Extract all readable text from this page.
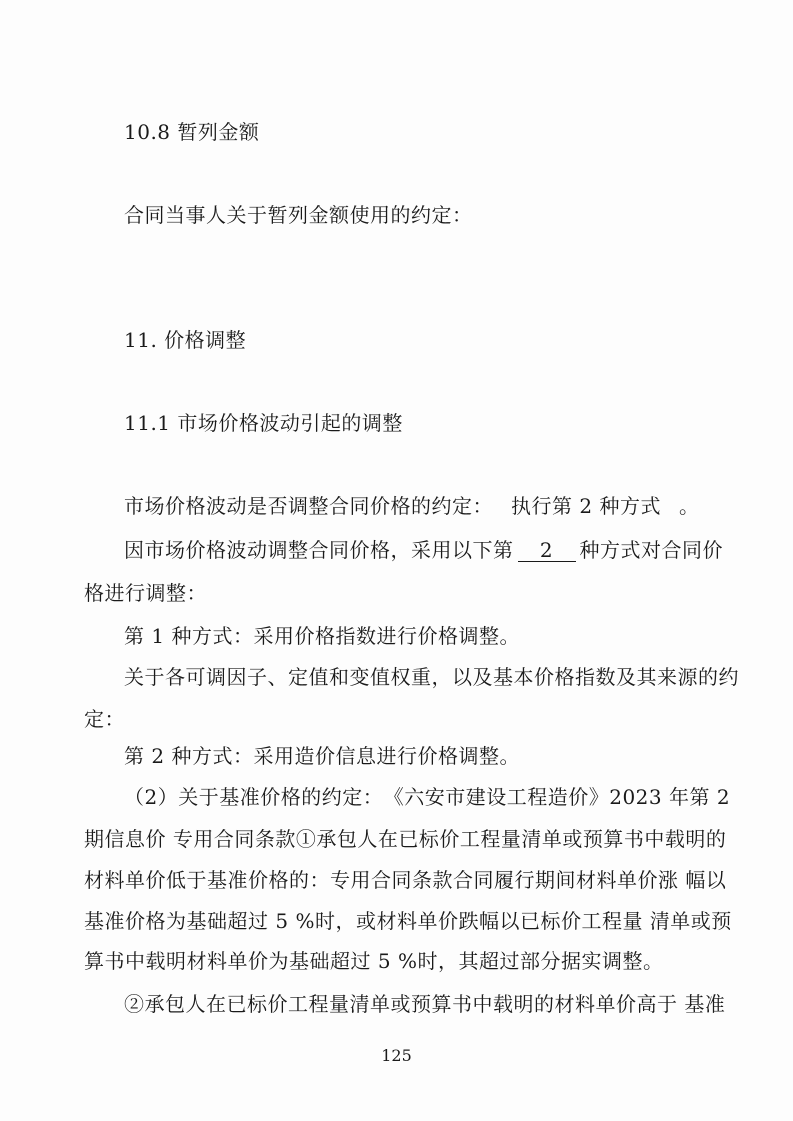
10.8 暂列金额
合同当事人关于暂列金额使用的约定：
11. 价格调整
11.1 市场价格波动引起的调整
市场价格波动是否调整合同价格的约定： 执行第 2 种方式 。
因市场价格波动调整合同价格，采用以下第 2 种方式对合同价
格进行调整：
第 1 种方式：采用价格指数进行价格调整。
关于各可调因子、定值和变值权重，以及基本价格指数及其来源的约
定：
第 2 种方式：采用造价信息进行价格调整。
（2）关于基准价格的约定：　《六安市建设工程造价》2023 年第 2
期信息价 专用合同条款①承包人在已标价工程量清单或预算书中载明的
材料单价低于基准价格的：专用合同条款合同履行期间材料单价涨 幅以
基准价格为基础超过 5 %时，或材料单价跌幅以已标价工程量 清单或预
算书中载明材料单价为基础超过 5 %时，其超过部分据实调整。
②承包人在已标价工程量清单或预算书中载明的材料单价高于 基准
125
